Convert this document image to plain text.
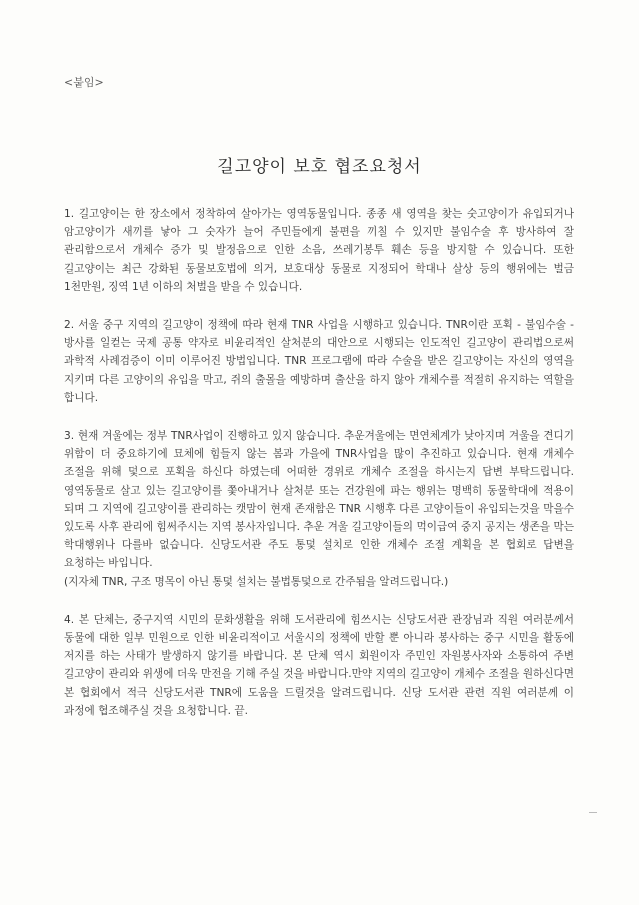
<붙임>
길고양이 보호 협조요청서

1. 길고양이는 한 장소에서 정착하여 살아가는 영역동물입니다. 종종 새 영역을 찾는 숫고양이가 유입되거나 암고양이가 새끼를 낳아 그 숫자가 늘어 주민들에게 불편을 끼칠 수 있지만 불임수술 후 방사하여 잘 관리함으로서 개체수 증가 및 발정음으로 인한 소음, 쓰레기봉투 훼손 등을 방지할 수 있습니다. 또한 길고양이는 최근 강화된 동물보호법에 의거, 보호대상 동물로 지정되어 학대나 살상 등의 행위에는 벌금 1천만원, 징역 1년 이하의 처벌을 받을 수 있습니다.

2. 서울 중구 지역의 길고양이 정책에 따라 현재 TNR 사업을 시행하고 있습니다. TNR이란 포획 - 불임수술 - 방사를 일컫는 국제 공통 약자로 비윤리적인 살처분의 대안으로 시행되는 인도적인 길고양이 관리법으로써 과학적 사례검증이 이미 이루어진 방법입니다. TNR 프로그램에 따라 수술을 받은 길고양이는 자신의 영역을 지키며 다른 고양이의 유입을 막고, 쥐의 출몰을 예방하며 출산을 하지 않아 개체수를 적절히 유지하는 역할을 합니다.

3. 현재 겨울에는 정부 TNR사업이 진행하고 있지 않습니다. 추운겨울에는 면연체계가 낮아지며 겨울을 견디기 위함이 더 중요하기에 묘체에 힘들지 않는 봄과 가을에 TNR사업을 많이 추진하고 있습니다. 현재 개체수 조절을 위해 덫으로 포획을 하신다 하였는데 어떠한 경위로 개체수 조절을 하시는지 답변 부탁드립니다. 영역동물로 살고 있는 길고양이를 쫓아내거나 살처분 또는 건강원에 파는 행위는 명백히 동물학대에 적용이 되며 그 지역에 길고양이를 관리하는 캣맘이 현재 존재함은 TNR 시행후 다른 고양이들이 유입되는것을 막을수 있도록 사후 관리에 힘써주시는 지역 봉사자입니다. 추운 겨울 길고양이들의 먹이급여 중지 공지는 생존을 막는 학대행위나 다를바 없습니다. 신당도서관 주도 통덫 설치로 인한 개체수 조절 계획을 본 협회로 답변을 요청하는 바입니다.
(지자체 TNR, 구조 명목이 아닌 통덫 설치는 불법통덫으로 간주됨을 알려드립니다.)

4. 본 단체는, 중구지역 시민의 문화생활을 위해 도서관리에 힘쓰시는 신당도서관 관장님과 직원 여러분께서 동물에 대한 일부 민원으로 인한 비윤리적이고 서울시의 정책에 반할 뿐 아니라 봉사하는 중구 시민을 활동에 저지를 하는 사태가 발생하지 않기를 바랍니다. 본 단체 역시 회원이자 주민인 자원봉사자와 소통하여 주변 길고양이 관리와 위생에 더욱 만전을 기해 주실 것을 바랍니다.만약 지역의 길고양이 개체수 조절을 원하신다면 본 협회에서 적극 신당도서관 TNR에 도움을 드릴것을 알려드립니다. 신당 도서관 관련 직원 여러분께 이 과정에 협조해주실 것을 요청합니다. 끝.
